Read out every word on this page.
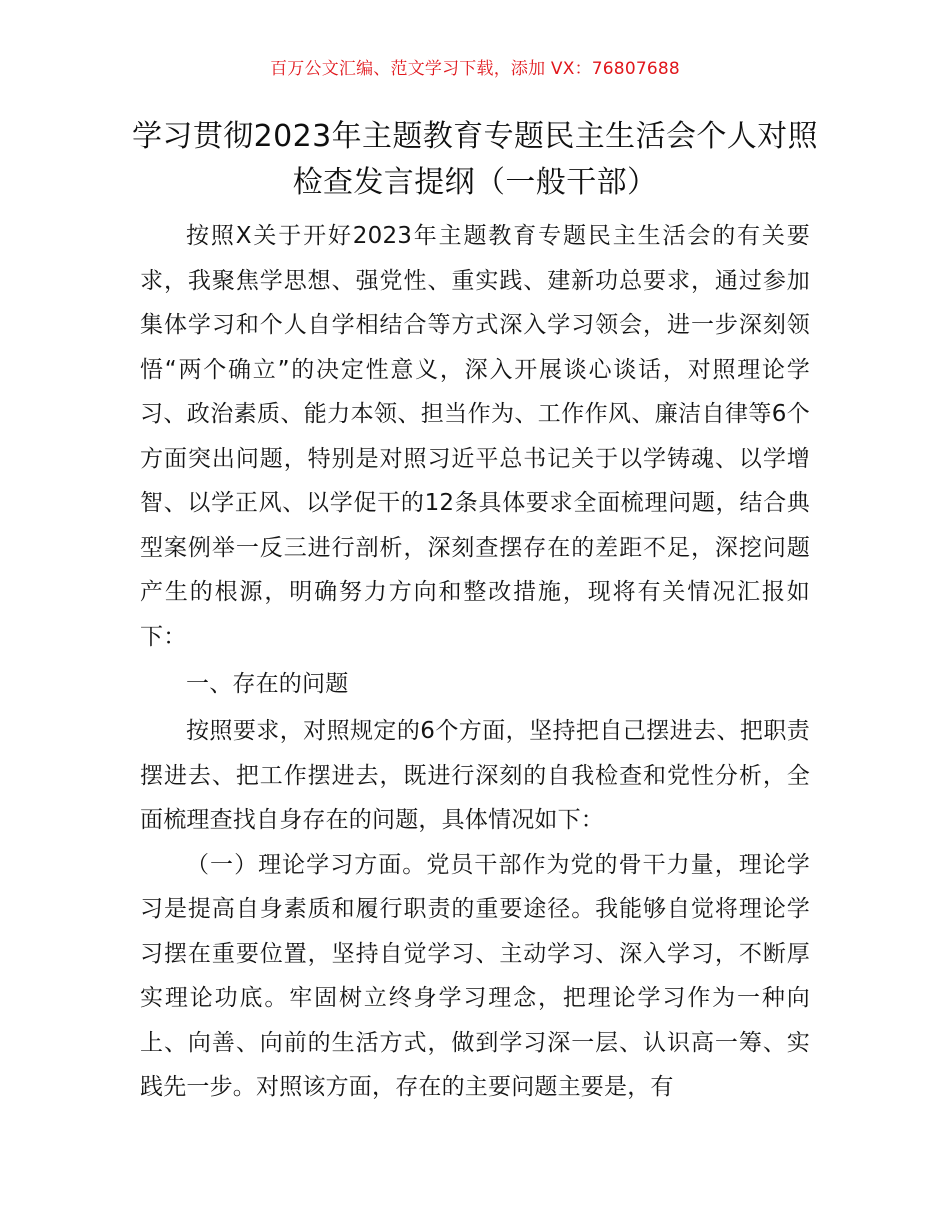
百万公文汇编、范文学习下载，添加 VX：76807688
学习贯彻2023年主题教育专题民主生活会个人对照检查发言提纲（一般干部）

按照X关于开好2023年主题教育专题民主生活会的有关要求，我聚焦学思想、强党性、重实践、建新功总要求，通过参加集体学习和个人自学相结合等方式深入学习领会，进一步深刻领悟“两个确立”的决定性意义，深入开展谈心谈话，对照理论学习、政治素质、能力本领、担当作为、工作作风、廉洁自律等6个方面突出问题，特别是对照习近平总书记关于以学铸魂、以学增智、以学正风、以学促干的12条具体要求全面梳理问题，结合典型案例举一反三进行剖析，深刻查摆存在的差距不足，深挖问题产生的根源，明确努力方向和整改措施，现将有关情况汇报如下：

一、存在的问题

按照要求，对照规定的6个方面，坚持把自己摆进去、把职责摆进去、把工作摆进去，既进行深刻的自我检查和党性分析，全面梳理查找自身存在的问题，具体情况如下：

（一）理论学习方面。党员干部作为党的骨干力量，理论学习是提高自身素质和履行职责的重要途径。我能够自觉将理论学习摆在重要位置，坚持自觉学习、主动学习、深入学习，不断厚实理论功底。牢固树立终身学习理念，把理论学习作为一种向上、向善、向前的生活方式，做到学习深一层、认识高一筹、实践先一步。对照该方面，存在的主要问题主要是，有
